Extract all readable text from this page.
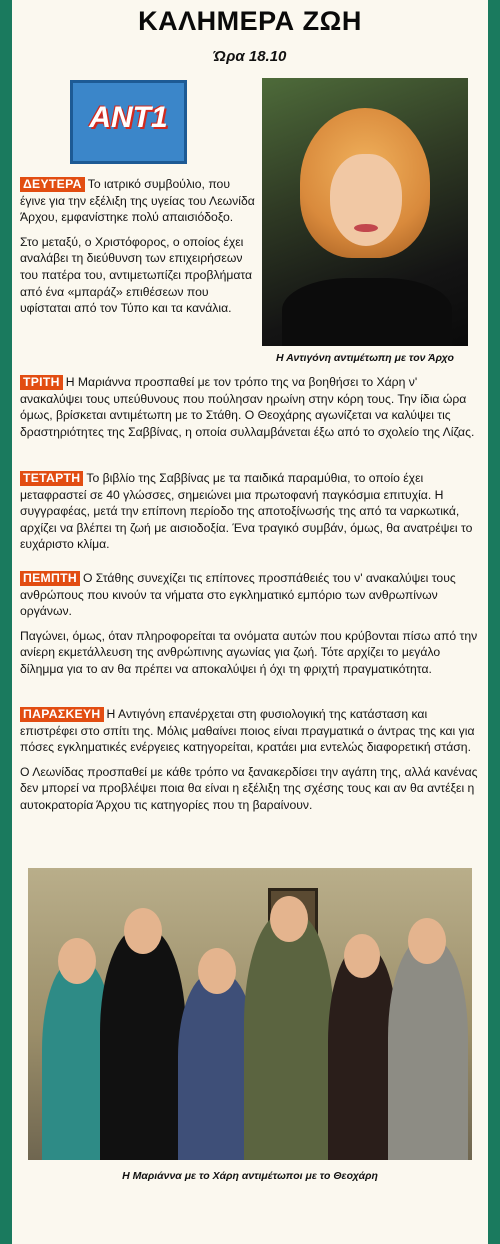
ΚΑΛΗΜΕΡΑ ΖΩΗ
Ώρα 18.10
ANT1
Η Αντιγόνη αντιμέτωπη με τον Άρχο

ΔΕΥΤΕΡΑ Το ιατρικό συμβούλιο, που έγινε για την εξέλιξη της υγείας του Λεωνίδα Άρχου, εμφανίστηκε πολύ απαισιόδοξο.

Στο μεταξύ, ο Χριστόφορος, ο οποίος έχει αναλάβει τη διεύθυνση των επιχειρήσεων του πατέρα του, αντιμετωπίζει προβλήματα από ένα «μπαράζ» επιθέσεων που υφίσταται από τον Τύπο και τα κανάλια.

ΤΡΙΤΗ Η Μαριάννα προσπαθεί με τον τρόπο της να βοηθήσει το Χάρη ν' ανακαλύψει τους υπεύθυνους που πούλησαν ηρωίνη στην κόρη τους. Την ίδια ώρα όμως, βρίσκεται αντιμέτωπη με το Στάθη. Ο Θεοχάρης αγωνίζεται να καλύψει τις δραστηριότητες της Σαββίνας, η οποία συλλαμβάνεται έξω από το σχολείο της Λίζας.

ΤΕΤΑΡΤΗ Το βιβλίο της Σαββίνας με τα παιδικά παραμύθια, το οποίο έχει μεταφραστεί σε 40 γλώσσες, σημειώνει μια πρωτοφανή παγκόσμια επιτυχία. Η συγγραφέας, μετά την επίπονη περίοδο της αποτοξίνωσής της από τα ναρκωτικά, αρχίζει να βλέπει τη ζωή με αισιοδοξία. Ένα τραγικό συμβάν, όμως, θα ανατρέψει το ευχάριστο κλίμα.

ΠΕΜΠΤΗ Ο Στάθης συνεχίζει τις επίπονες προσπάθειές του ν' ανακαλύψει τους ανθρώπους που κινούν τα νήματα στο εγκληματικό εμπόριο των ανθρωπίνων οργάνων.

Παγώνει, όμως, όταν πληροφορείται τα ονόματα αυτών που κρύβονται πίσω από την ανίερη εκμετάλλευση της ανθρώπινης αγωνίας για ζωή. Τότε αρχίζει το μεγάλο δίλημμα για το αν θα πρέπει να αποκαλύψει ή όχι τη φριχτή πραγματικότητα.

ΠΑΡΑΣΚΕΥΗ Η Αντιγόνη επανέρχεται στη φυσιολογική της κατάσταση και επιστρέφει στο σπίτι της. Μόλις μαθαίνει ποιος είναι πραγματικά ο άντρας της και για πόσες εγκληματικές ενέργειες κατηγορείται, κρατάει μια εντελώς διαφορετική στάση.

Ο Λεωνίδας προσπαθεί με κάθε τρόπο να ξανακερδίσει την αγάπη της, αλλά κανένας δεν μπορεί να προβλέψει ποια θα είναι η εξέλιξη της σχέσης τους και αν θα αντέξει η αυτοκρατορία Άρχου τις κατηγορίες που τη βαραίνουν.

Η Μαριάννα με το Χάρη αντιμέτωποι με το Θεοχάρη
